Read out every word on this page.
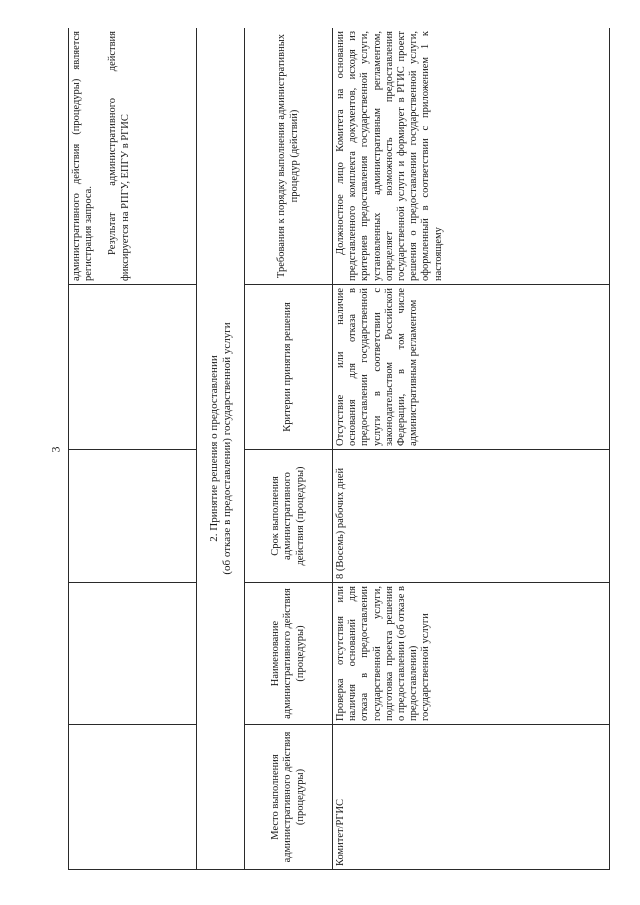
3

				административного действия (процедуры) является регистрация запроса. Результат административного действия фиксируется на РПГУ, ЕПГУ в РГИС

2. Принятие решения о предоставлении (об отказе в предоставлении) государственной услуги				

Место выполнения административного действия (процедуры)	Наименование административного действия (процедуры)	Срок выполнения административного действия (процедуры)	Критерии принятия решения	Требования к порядку выполнения административных процедур (действий)
Комитет/РГИС	Проверка отсутствия или наличия оснований для отказа в предоставлении государственной услуги, подготовка проекта решения о предоставлении (об отказе в предоставлении) государственной услуги	8 (Восемь) рабочих дней	Отсутствие или наличие основания для отказа в предоставлении государственной услуги в соответствии с законодательством Российской Федерации, в том числе административным регламентом	Должностное лицо Комитета на основании представленного комплекта документов, исходя из критериев предоставления государственной услуги, установленных административным регламентом, определяет возможность предоставления государственной услуги и формирует в РГИС проект решения о предоставлении государственной услуги, оформленный в соответствии с приложением 1 к настоящему
